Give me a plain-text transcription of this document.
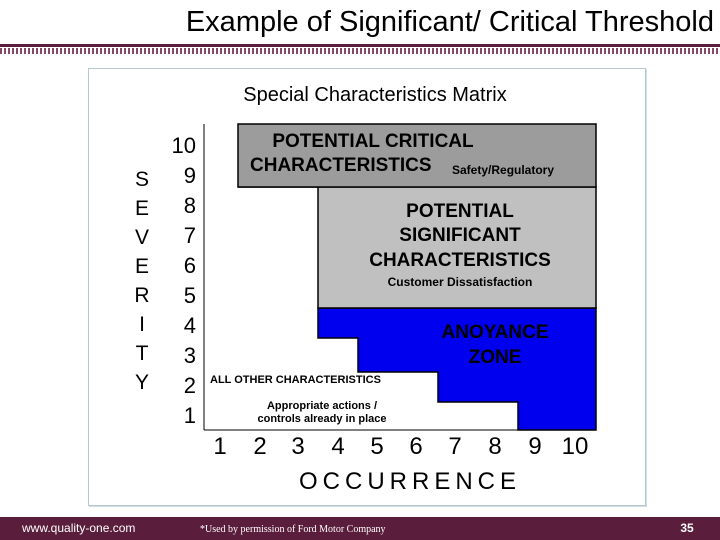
Example of Significant/ Critical Threshold
Special Characteristics Matrix
S
E
V
E
R
I
T
Y
10
9
8
7
6
5
4
3
2
1
POTENTIAL CRITICAL
CHARACTERISTICS Safety/Regulatory
POTENTIAL
SIGNIFICANT
CHARACTERISTICS
Customer Dissatisfaction
ANOYANCE
ZONE
ALL OTHER CHARACTERISTICS
Appropriate actions /
controls already in place
1	2	3	4	5	6	7	8	9 10
OCCURRENCE
www.quality-one.com	*Used by permission of Ford Motor Company	35
